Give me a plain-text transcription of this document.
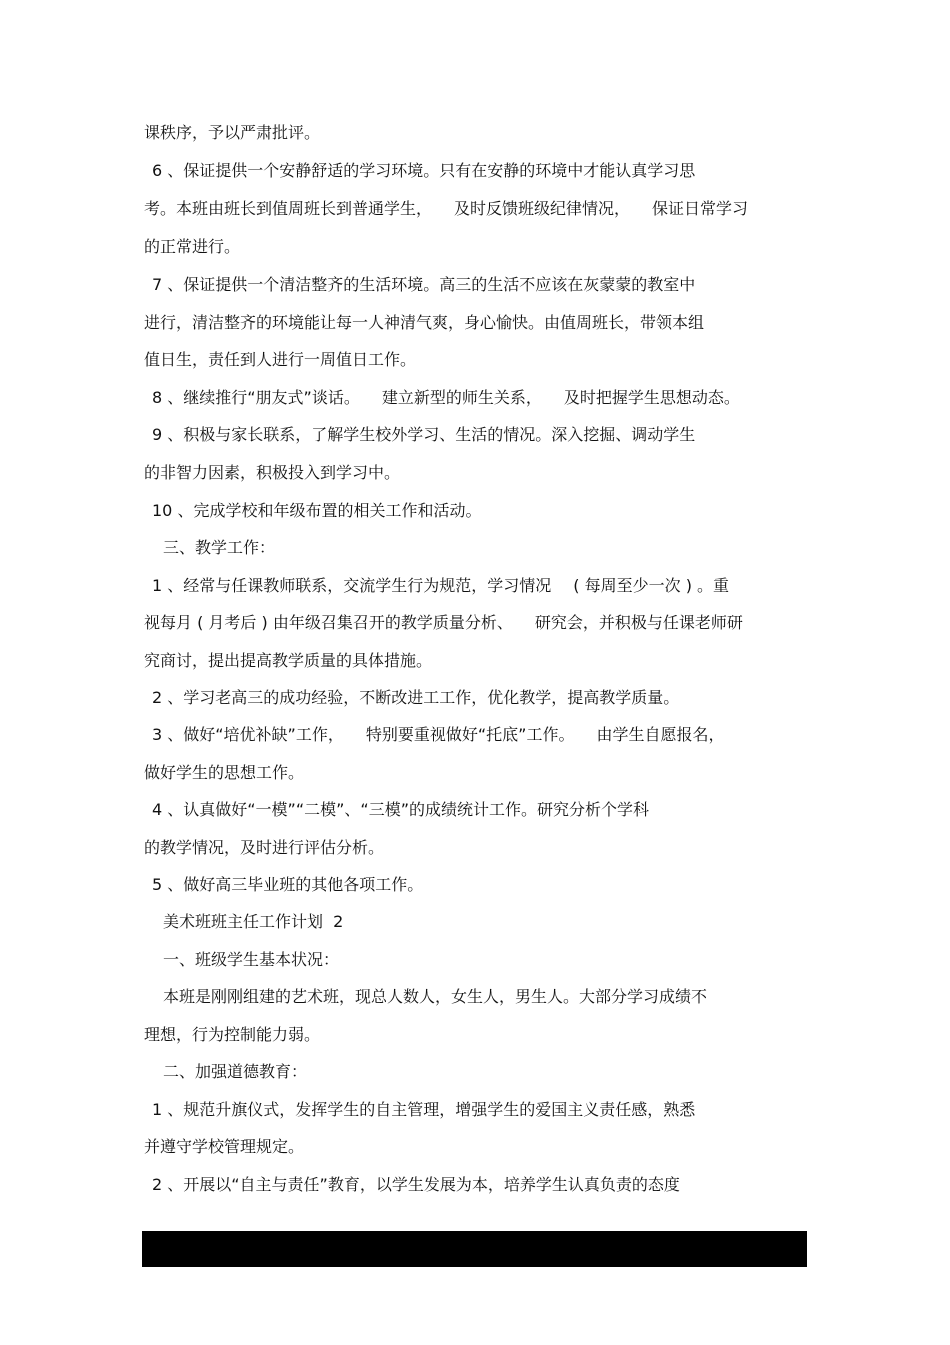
课秩序，予以严肃批评。

6 、保证提供一个安静舒适的学习环境。只有在安静的环境中才能认真学习思

考。本班由班长到值周班长到普通学生， 及时反馈班级纪律情况， 保证日常学习

的正常进行。

7 、保证提供一个清洁整齐的生活环境。高三的生活不应该在灰蒙蒙的教室中

进行，清洁整齐的环境能让每一人神清气爽，身心愉快。由值周班长，带领本组

值日生，责任到人进行一周值日工作。

8 、继续推行“朋友式”谈话。 建立新型的师生关系， 及时把握学生思想动态。

9 、积极与家长联系，了解学生校外学习、生活的情况。深入挖掘、调动学生

的非智力因素，积极投入到学习中。

10 、完成学校和年级布置的相关工作和活动。

三、教学工作：

1 、经常与任课教师联系，交流学生行为规范，学习情况 ( 每周至少一次 ) 。重

视每月 ( 月考后 ) 由年级召集召开的教学质量分析、 研究会，并积极与任课老师研

究商讨，提出提高教学质量的具体措施。

2 、学习老高三的成功经验，不断改进工工作，优化教学，提高教学质量。

3 、做好“培优补缺”工作， 特别要重视做好“托底”工作。 由学生自愿报名，

做好学生的思想工作。

4 、认真做好“一模”“二模”、“三模”的成绩统计工作。研究分析个学科

的教学情况，及时进行评估分析。

5 、做好高三毕业班的其他各项工作。

美术班班主任工作计划  2

一、班级学生基本状况：

本班是刚刚组建的艺术班，现总人数人，女生人，男生人。大部分学习成绩不

理想，行为控制能力弱。

二、加强道德教育：

1 、规范升旗仪式，发挥学生的自主管理，增强学生的爱国主义责任感，熟悉

并遵守学校管理规定。

2 、开展以“自主与责任”教育，以学生发展为本，培养学生认真负责的态度
